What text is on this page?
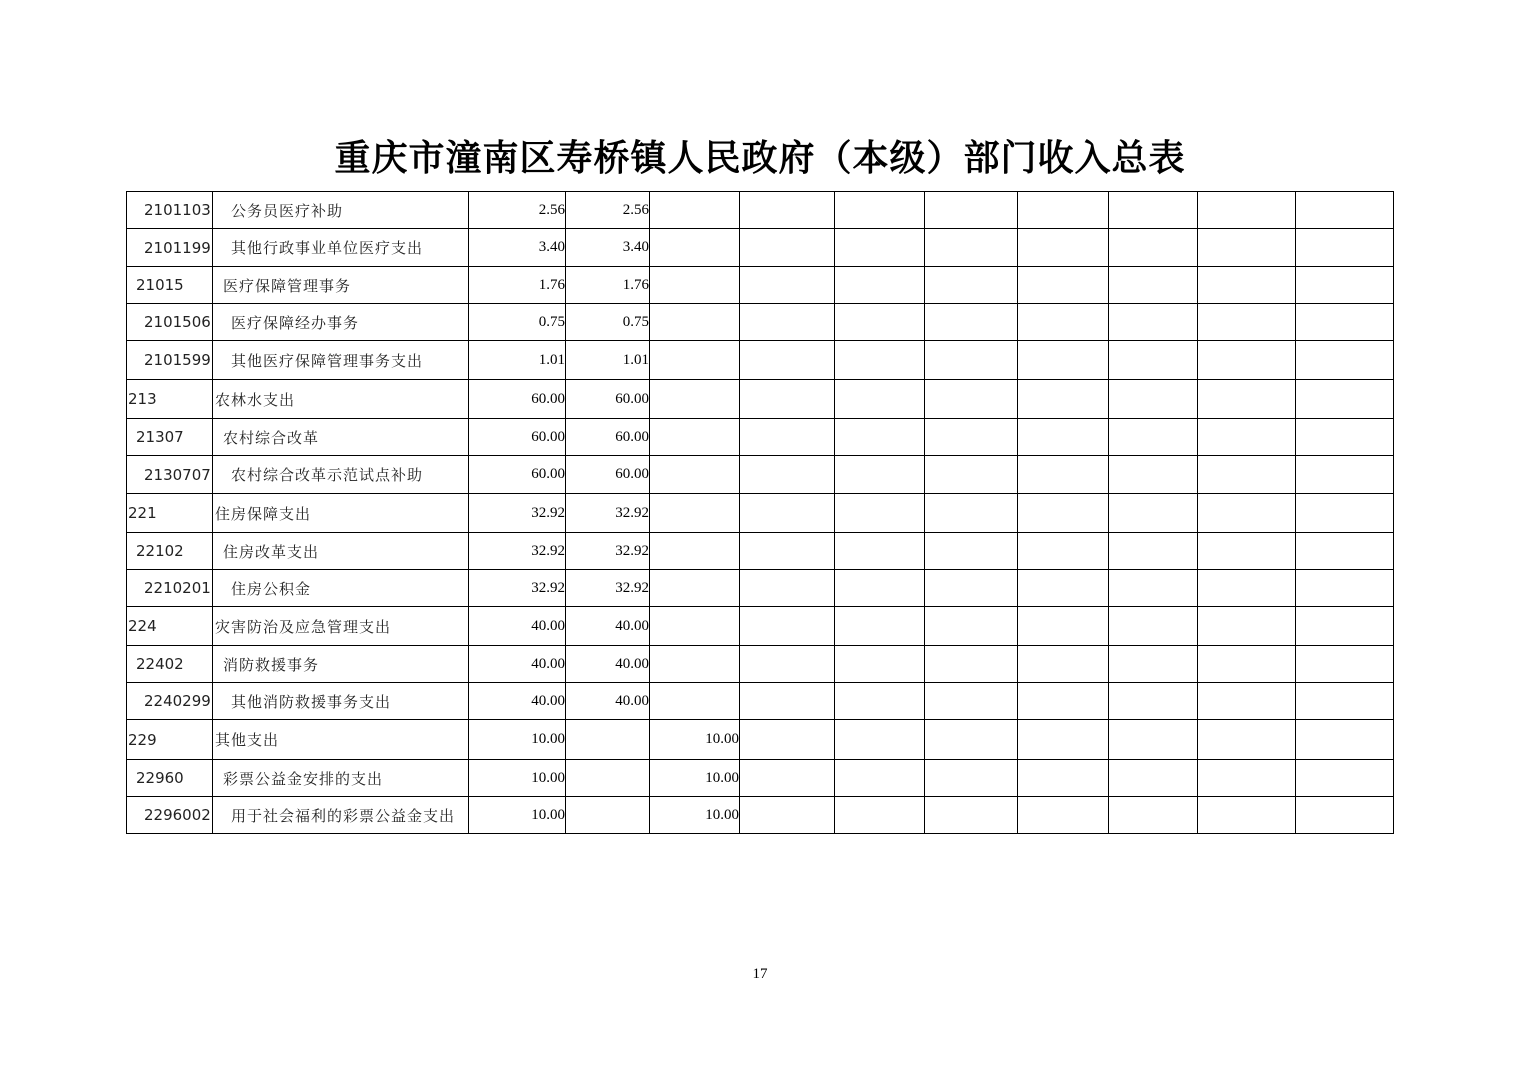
重庆市潼南区寿桥镇人民政府（本级）部门收入总表
2101103	公务员医疗补助	2.56	2.56								
2101199	其他行政事业单位医疗支出	3.40	3.40								
21015	医疗保障管理事务	1.76	1.76								
2101506	医疗保障经办事务	0.75	0.75								
2101599	其他医疗保障管理事务支出	1.01	1.01								
213	农林水支出	60.00	60.00								
21307	农村综合改革	60.00	60.00								
2130707	农村综合改革示范试点补助	60.00	60.00								
221	住房保障支出	32.92	32.92								
22102	住房改革支出	32.92	32.92								
2210201	住房公积金	32.92	32.92								
224	灾害防治及应急管理支出	40.00	40.00								
22402	消防救援事务	40.00	40.00								
2240299	其他消防救援事务支出	40.00	40.00								
229	其他支出	10.00		10.00							
22960	彩票公益金安排的支出	10.00		10.00							
2296002	用于社会福利的彩票公益金支出	10.00		10.00							
17
